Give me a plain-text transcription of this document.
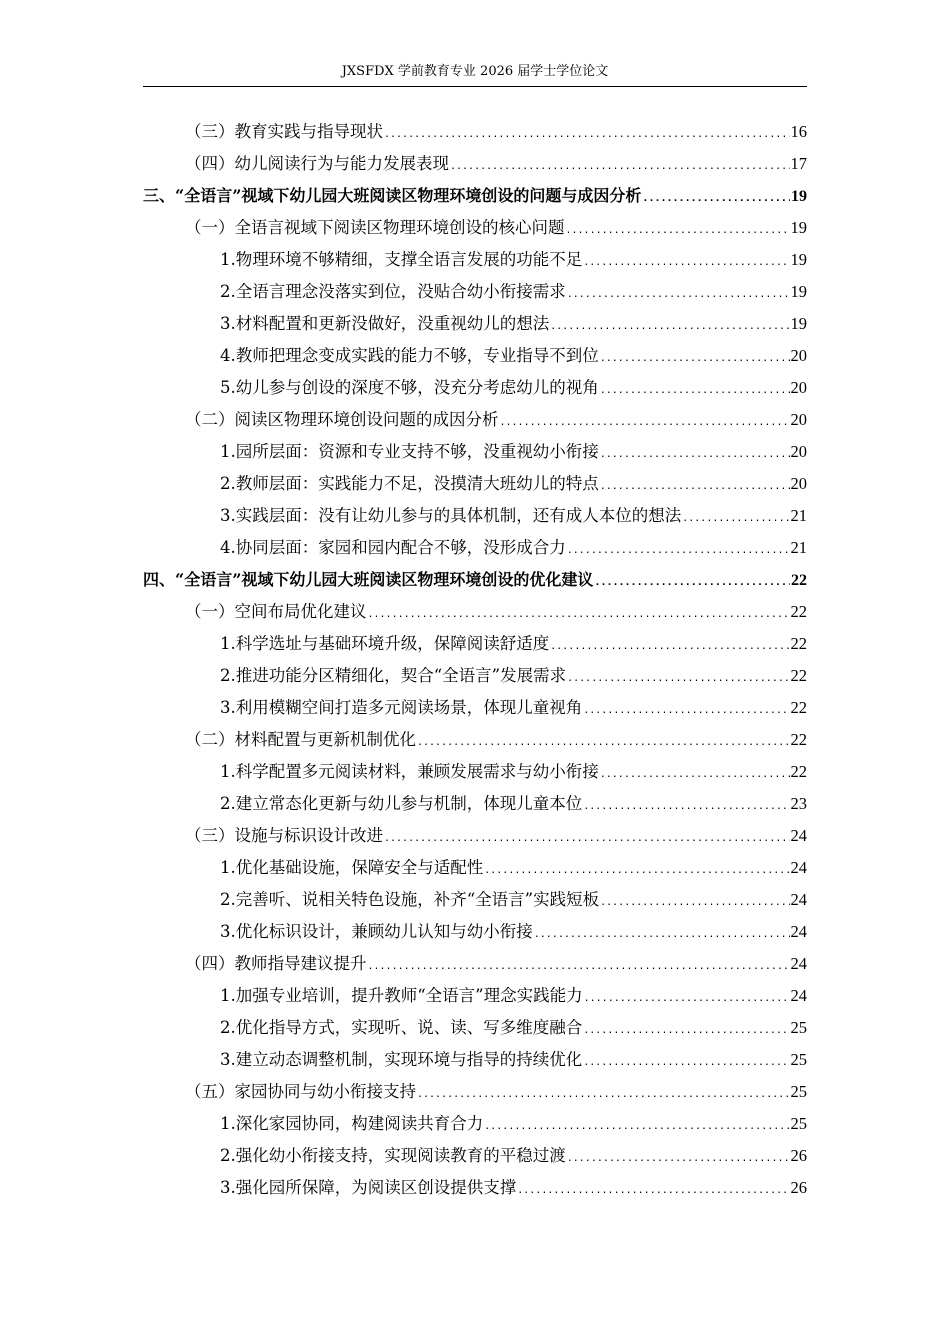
JXSFDX 学前教育专业 2026 届学士学位论文
（三）教育实践与指导现状 .....	16
（四）幼儿阅读行为与能力发展表现 .....	17
三、“全语言”视域下幼儿园大班阅读区物理环境创设的问题与成因分析 .....	19
（一）全语言视域下阅读区物理环境创设的核心问题 .....	19
1.物理环境不够精细，支撑全语言发展的功能不足 .....	19
2.全语言理念没落实到位，没贴合幼小衔接需求 .....	19
3.材料配置和更新没做好，没重视幼儿的想法 .....	19
4.教师把理念变成实践的能力不够，专业指导不到位 .....	20
5.幼儿参与创设的深度不够，没充分考虑幼儿的视角 .....	20
（二）阅读区物理环境创设问题的成因分析 .....	20
1.园所层面：资源和专业支持不够，没重视幼小衔接 .....	20
2.教师层面：实践能力不足，没摸清大班幼儿的特点 .....	20
3.实践层面：没有让幼儿参与的具体机制，还有成人本位的想法 .....	21
4.协同层面：家园和园内配合不够，没形成合力 .....	21
四、“全语言”视域下幼儿园大班阅读区物理环境创设的优化建议 .....	22
（一）空间布局优化建议 .....	22
1.科学选址与基础环境升级，保障阅读舒适度 .....	22
2.推进功能分区精细化，契合“全语言”发展需求 .....	22
3.利用模糊空间打造多元阅读场景，体现儿童视角 .....	22
（二）材料配置与更新机制优化 .....	22
1.科学配置多元阅读材料，兼顾发展需求与幼小衔接 .....	22
2.建立常态化更新与幼儿参与机制，体现儿童本位 .....	23
（三）设施与标识设计改进 .....	24
1.优化基础设施，保障安全与适配性 .....	24
2.完善听、说相关特色设施，补齐“全语言”实践短板 .....	24
3.优化标识设计，兼顾幼儿认知与幼小衔接 .....	24
（四）教师指导建议提升 .....	24
1.加强专业培训，提升教师“全语言”理念实践能力 .....	24
2.优化指导方式，实现听、说、读、写多维度融合 .....	25
3.建立动态调整机制，实现环境与指导的持续优化 .....	25
（五）家园协同与幼小衔接支持 .....	25
1.深化家园协同，构建阅读共育合力 .....	25
2.强化幼小衔接支持，实现阅读教育的平稳过渡 .....	26
3.强化园所保障，为阅读区创设提供支撑 .....	26
